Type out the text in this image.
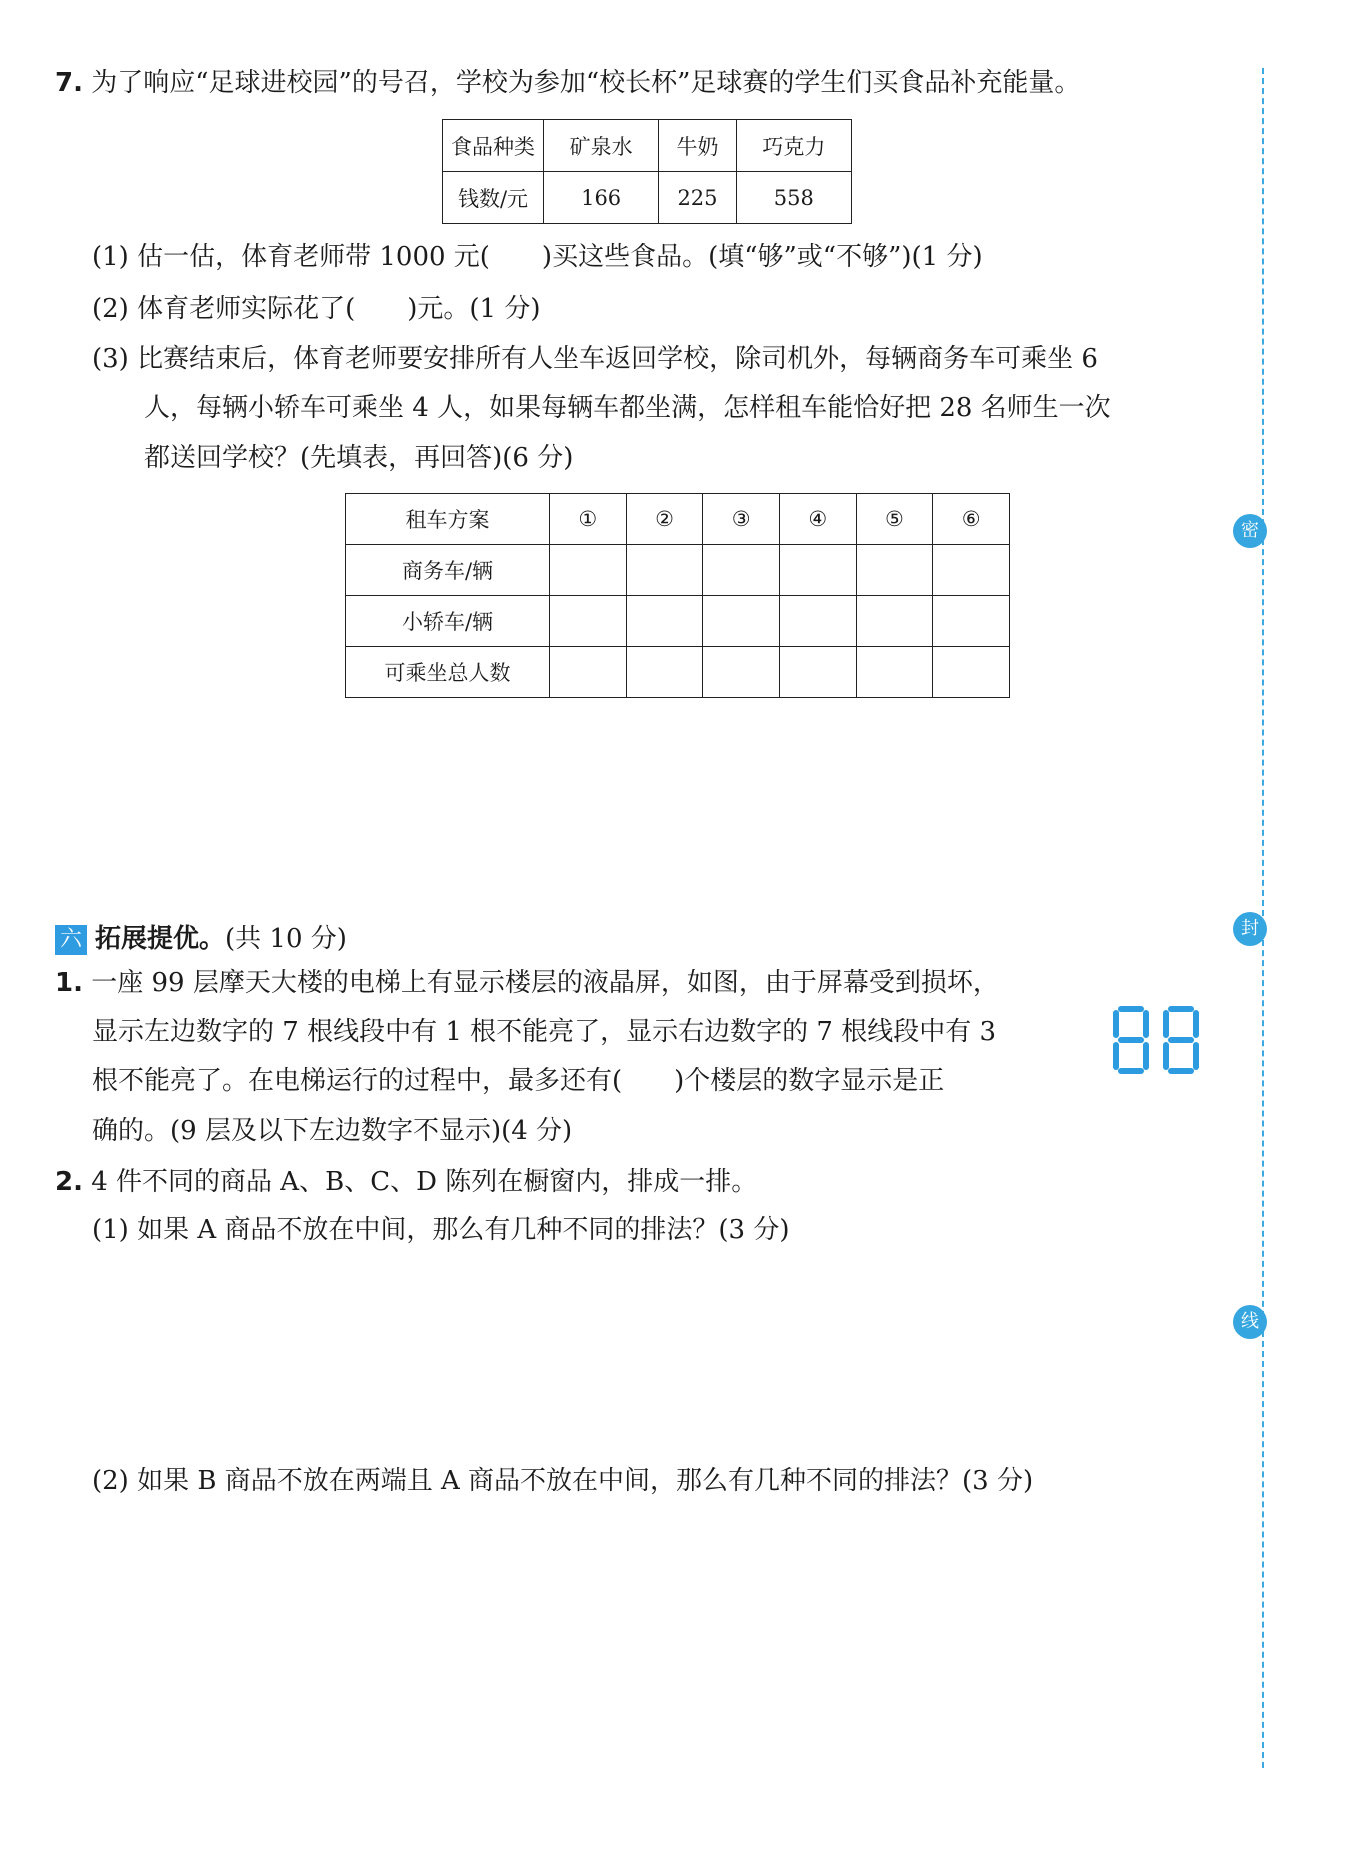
7. 为了响应“足球进校园”的号召，学校为参加“校长杯”足球赛的学生们买食品补充能量。
食品种类	矿泉水	牛奶	巧克力
钱数/元	166	225	558
(1) 估一估，体育老师带 1000 元(　　)买这些食品。(填“够”或“不够”)(1 分)
(2) 体育老师实际花了(　　)元。(1 分)
(3) 比赛结束后，体育老师要安排所有人坐车返回学校，除司机外，每辆商务车可乘坐 6
人，每辆小轿车可乘坐 4 人，如果每辆车都坐满，怎样租车能恰好把 28 名师生一次
都送回学校？(先填表，再回答)(6 分)
租车方案	①	②	③	④	⑤	⑥
商务车/辆						
小轿车/辆						
可乘坐总人数						
六 拓展提优。(共 10 分)
1. 一座 99 层摩天大楼的电梯上有显示楼层的液晶屏，如图，由于屏幕受到损坏，
显示左边数字的 7 根线段中有 1 根不能亮了，显示右边数字的 7 根线段中有 3
根不能亮了。在电梯运行的过程中，最多还有(　　)个楼层的数字显示是正
确的。(9 层及以下左边数字不显示)(4 分)
2. 4 件不同的商品 A、B、C、D 陈列在橱窗内，排成一排。
(1) 如果 A 商品不放在中间，那么有几种不同的排法？(3 分)
(2) 如果 B 商品不放在两端且 A 商品不放在中间，那么有几种不同的排法？(3 分)
密
封
线
